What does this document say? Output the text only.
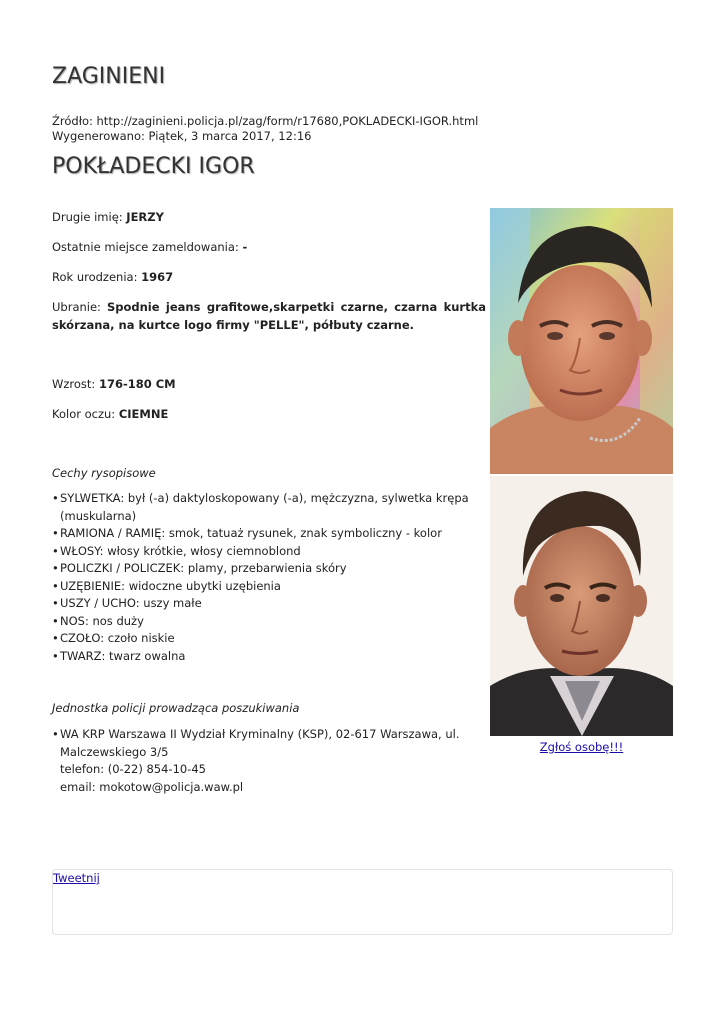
ZAGINIENI
Źródło: http://zaginieni.policja.pl/zag/form/r17680,POKLADECKI-IGOR.html
Wygenerowano: Piątek, 3 marca 2017, 12:16
POKŁADECKI IGOR
Drugie imię: JERZY
Ostatnie miejsce zameldowania: -
Rok urodzenia: 1967
Ubranie: Spodnie jeans grafitowe,skarpetki czarne, czarna kurtka skórzana, na kurtce logo firmy "PELLE", półbuty czarne.
Wzrost: 176-180 CM
Kolor oczu: CIEMNE
Cechy rysopisowe
• SYLWETKA: był (-a) daktyloskopowany (-a), mężczyzna, sylwetka krępa (muskularna)
• RAMIONA / RAMIĘ: smok, tatuaż rysunek, znak symboliczny - kolor
• WŁOSY: włosy krótkie, włosy ciemnoblond
• POLICZKI / POLICZEK: plamy, przebarwienia skóry
• UZĘBIENIE: widoczne ubytki uzębienia
• USZY / UCHO: uszy małe
• NOS: nos duży
• CZOŁO: czoło niskie
• TWARZ: twarz owalna
Jednostka policji prowadząca poszukiwania
• WA KRP Warszawa II Wydział Kryminalny (KSP), 02-617 Warszawa, ul. Malczewskiego 3/5
telefon: (0-22) 854-10-45
email: mokotow@policja.waw.pl
Zgłoś osobę!!!
Tweetnij
